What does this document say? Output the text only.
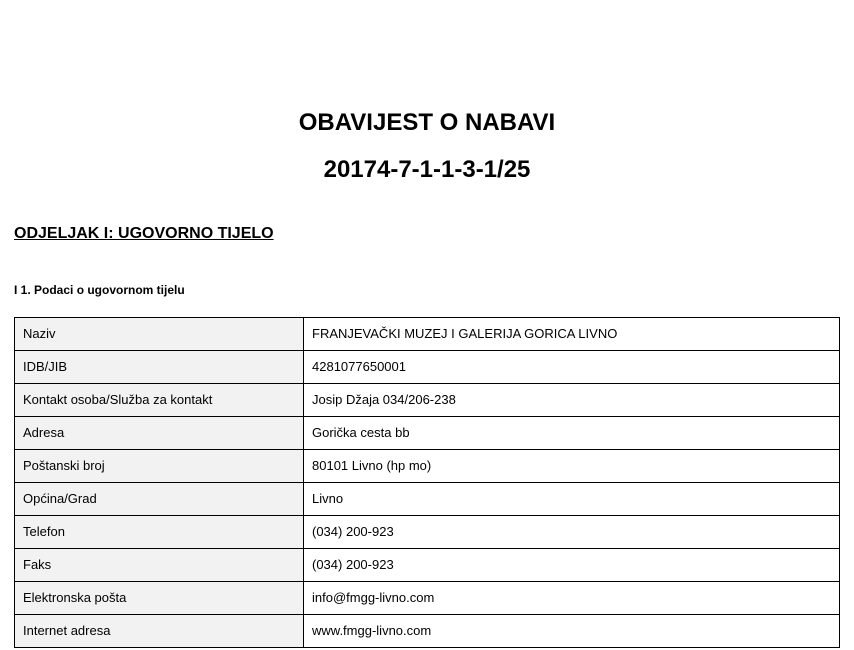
OBAVIJEST O NABAVI
20174-7-1-1-3-1/25
ODJELJAK I: UGOVORNO TIJELO
I 1. Podaci o ugovornom tijelu
Naziv	FRANJEVAČKI MUZEJ I GALERIJA GORICA LIVNO
IDB/JIB	4281077650001
Kontakt osoba/Služba za kontakt	Josip Džaja 034/206-238
Adresa	Gorička cesta bb
Poštanski broj	80101 Livno (hp mo)
Općina/Grad	Livno
Telefon	(034) 200-923
Faks	(034) 200-923
Elektronska pošta	info@fmgg-livno.com
Internet adresa	www.fmgg-livno.com
